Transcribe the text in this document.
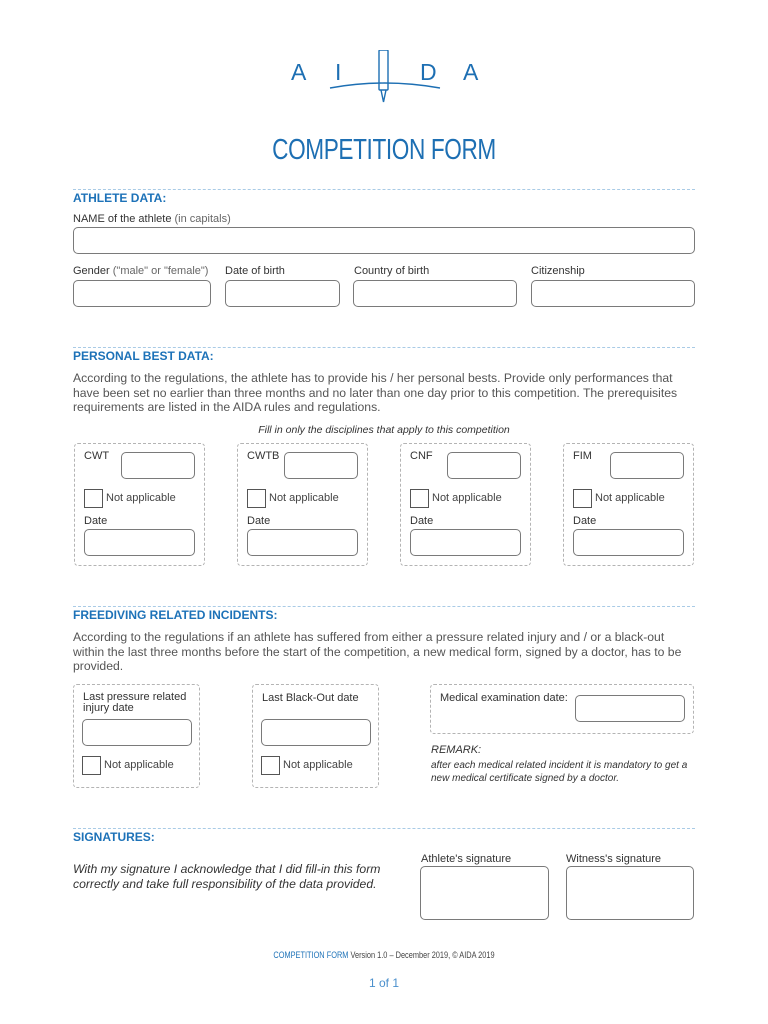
A I	D A
COMPETITION FORM
ATHLETE DATA:
NAME of the athlete (in capitals)
Gender ("male" or "female") Date of birth	Country of birth	Citizenship
PERSONAL BEST DATA:
According to the regulations, the athlete has to provide his / her personal bests. Provide only performances that have been set no earlier than three months and no later than one day prior to this competition. The prerequisites requirements are listed in the AIDA rules and regulations.
Fill in only the disciplines that apply to this competition
CWT
Not applicable
Date
CWTB
Not applicable
Date
CNF
Not applicable
Date
FIM
Not applicable
Date
FREEDIVING RELATED INCIDENTS:
According to the regulations if an athlete has suffered from either a pressure related injury and / or a black-out within the last three months before the start of the competition, a new medical form, signed by a doctor, has to be provided.
Last pressure related injury date
Not applicable
Last Black-Out date
Not applicable
Medical examination date:
REMARK:
after each medical related incident it is mandatory to get a new medical certificate signed by a doctor.
SIGNATURES:
With my signature I acknowledge that I did fill-in this form correctly and take full responsibility of the data provided.
Athlete's signature	Witness's signature
COMPETITION FORM Version 1.0 – December 2019, © AIDA 2019
1 of 1
